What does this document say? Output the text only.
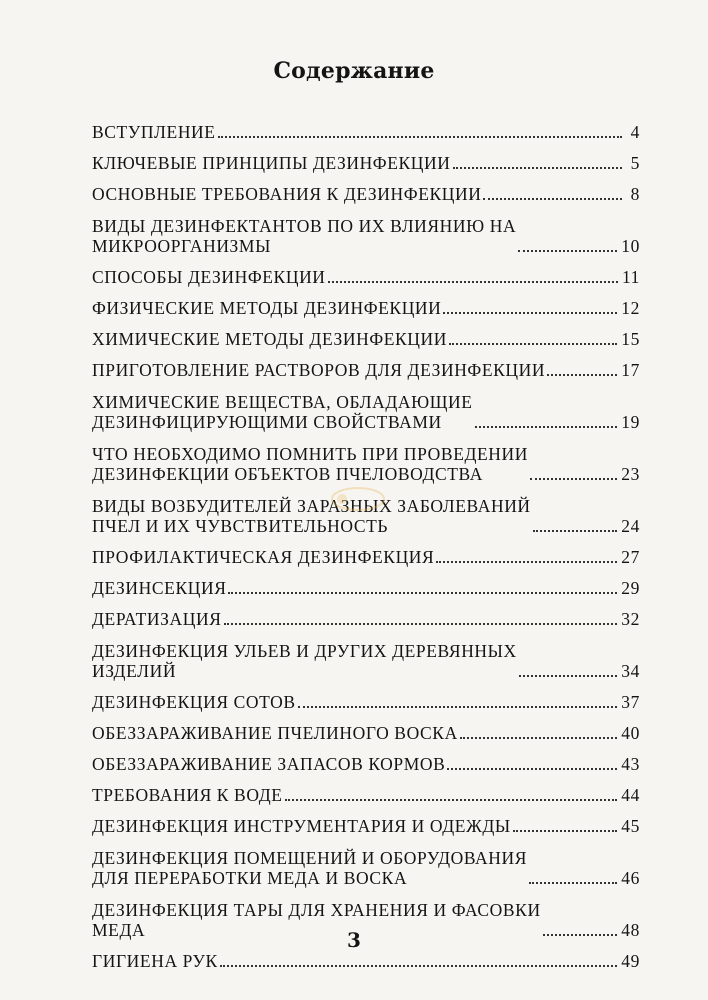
Содержание
ВСТУПЛЕНИЕ	4
КЛЮЧЕВЫЕ ПРИНЦИПЫ ДЕЗИНФЕКЦИИ	5
ОСНОВНЫЕ ТРЕБОВАНИЯ К ДЕЗИНФЕКЦИИ	8
ВИДЫ ДЕЗИНФЕКТАНТОВ ПО ИХ ВЛИЯНИЮ НА
МИКРООРГАНИЗМЫ	10
СПОСОБЫ ДЕЗИНФЕКЦИИ	11
ФИЗИЧЕСКИЕ МЕТОДЫ ДЕЗИНФЕКЦИИ	12
ХИМИЧЕСКИЕ МЕТОДЫ ДЕЗИНФЕКЦИИ	15
ПРИГОТОВЛЕНИЕ РАСТВОРОВ ДЛЯ ДЕЗИНФЕКЦИИ	17
ХИМИЧЕСКИЕ ВЕЩЕСТВА, ОБЛАДАЮЩИЕ
ДЕЗИНФИЦИРУЮЩИМИ СВОЙСТВАМИ	19
ЧТО НЕОБХОДИМО ПОМНИТЬ ПРИ ПРОВЕДЕНИИ
ДЕЗИНФЕКЦИИ ОБЪЕКТОВ ПЧЕЛОВОДСТВА	23
ВИДЫ ВОЗБУДИТЕЛЕЙ ЗАРАЗНЫХ ЗАБОЛЕВАНИЙ
ПЧЕЛ И ИХ ЧУВСТВИТЕЛЬНОСТЬ	24
ПРОФИЛАКТИЧЕСКАЯ ДЕЗИНФЕКЦИЯ	27
ДЕЗИНСЕКЦИЯ	29
ДЕРАТИЗАЦИЯ	32
ДЕЗИНФЕКЦИЯ УЛЬЕВ И ДРУГИХ ДЕРЕВЯННЫХ
ИЗДЕЛИЙ	34
ДЕЗИНФЕКЦИЯ СОТОВ	37
ОБЕЗЗАРАЖИВАНИЕ ПЧЕЛИНОГО ВОСКА	40
ОБЕЗЗАРАЖИВАНИЕ ЗАПАСОВ КОРМОВ	43
ТРЕБОВАНИЯ К ВОДЕ	44
ДЕЗИНФЕКЦИЯ ИНСТРУМЕНТАРИЯ И ОДЕЖДЫ	45
ДЕЗИНФЕКЦИЯ ПОМЕЩЕНИЙ И ОБОРУДОВАНИЯ
ДЛЯ ПЕРЕРАБОТКИ МЕДА И ВОСКА	46
ДЕЗИНФЕКЦИЯ ТАРЫ ДЛЯ ХРАНЕНИЯ И ФАСОВКИ
МЕДА	48
ГИГИЕНА РУК	49
3
